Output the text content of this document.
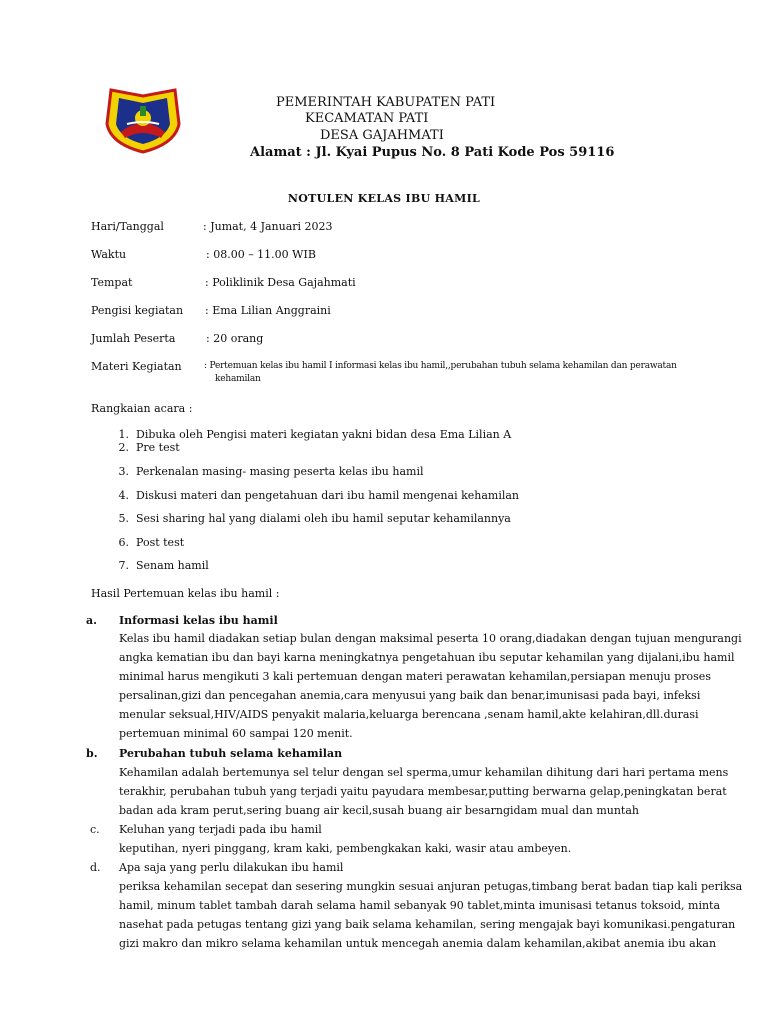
PEMERINTAH KABUPATEN PATI
KECAMATAN PATI
DESA GAJAHMATI
Alamat : Jl. Kyai Pupus No. 8 Pati Kode Pos 59116
NOTULEN KELAS IBU HAMIL
Hari/Tanggal	: Jumat, 4 Januari 2023
Waktu	: 08.00 – 11.00 WIB
Tempat	: Poliklinik Desa Gajahmati
Pengisi kegiatan : Ema Lilian Anggraini
Jumlah Peserta	: 20 orang
Materi Kegiatan : Pertemuan kelas ibu hamil I informasi kelas ibu hamil,,perubahan tubuh selama kehamilan dan perawatan
kehamilan
Rangkaian acara :
1. Dibuka oleh Pengisi materi kegiatan yakni bidan desa Ema Lilian A
2. Pre test
3. Perkenalan masing- masing peserta kelas ibu hamil
4. Diskusi materi dan pengetahuan dari ibu hamil mengenai kehamilan
5. Sesi sharing hal yang dialami oleh ibu hamil seputar kehamilannya
6. Post test
7. Senam hamil
Hasil Pertemuan kelas ibu hamil :
a. Informasi kelas ibu hamil
Kelas ibu hamil diadakan setiap bulan dengan maksimal peserta 10 orang,diadakan dengan tujuan mengurangi
angka kematian ibu dan bayi karna meningkatnya pengetahuan ibu seputar kehamilan yang dijalani,ibu hamil
minimal harus mengikuti 3 kali pertemuan dengan materi perawatan kehamilan,persiapan menuju proses
persalinan,gizi dan pencegahan anemia,cara menyusui yang baik dan benar,imunisasi pada bayi, infeksi
menular seksual,HIV/AIDS penyakit malaria,keluarga berencana ,senam hamil,akte kelahiran,dll.durasi
pertemuan minimal 60 sampai 120 menit.
b. Perubahan tubuh selama kehamilan
Kehamilan adalah bertemunya sel telur dengan sel sperma,umur kehamilan dihitung dari hari pertama mens
terakhir, perubahan tubuh yang terjadi yaitu payudara membesar,putting berwarna gelap,peningkatan berat
badan ada kram perut,sering buang air kecil,susah buang air besarngidam mual dan muntah
c. Keluhan yang terjadi pada ibu hamil
keputihan, nyeri pinggang, kram kaki, pembengkakan kaki, wasir atau ambeyen.
d. Apa saja yang perlu dilakukan ibu hamil
periksa kehamilan secepat dan sesering mungkin sesuai anjuran petugas,timbang berat badan tiap kali periksa
hamil, minum tablet tambah darah selama hamil sebanyak 90 tablet,minta imunisasi tetanus toksoid, minta
nasehat pada petugas tentang gizi yang baik selama kehamilan, sering mengajak bayi komunikasi.pengaturan
gizi makro dan mikro selama kehamilan untuk mencegah anemia dalam kehamilan,akibat anemia ibu akan
